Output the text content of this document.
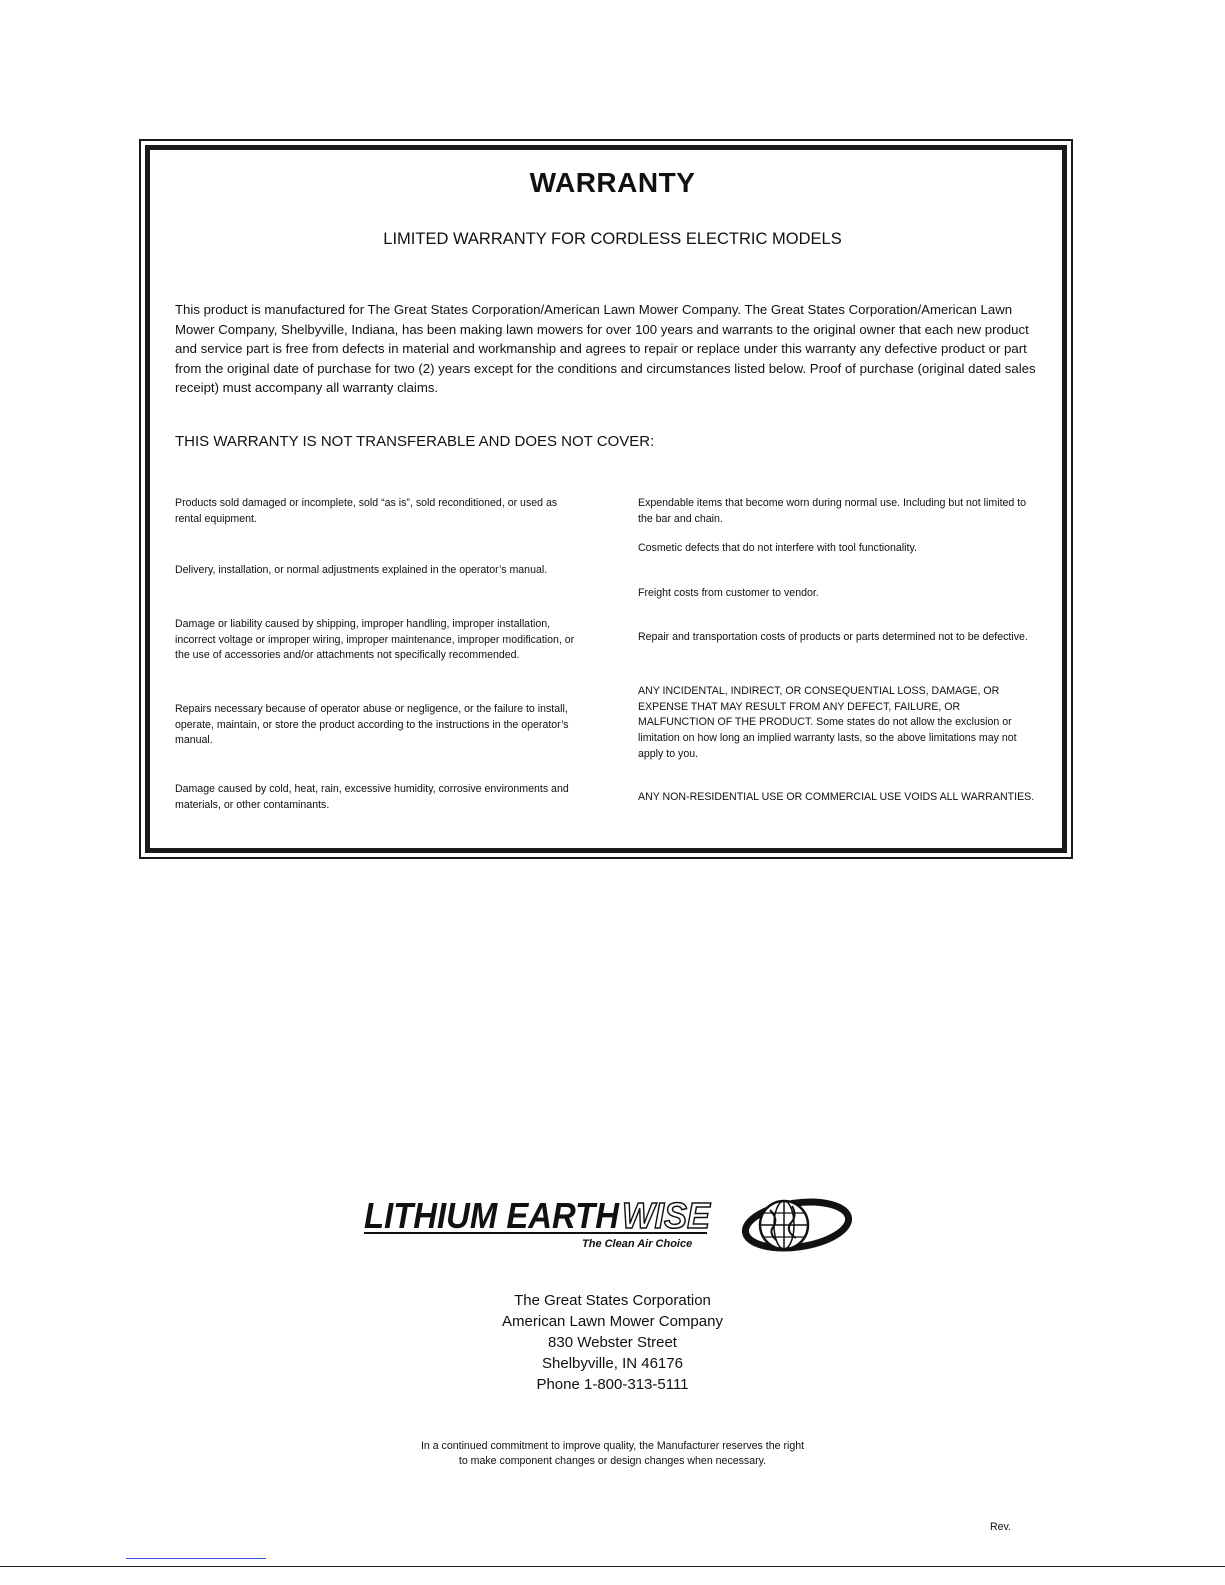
WARRANTY
LIMITED WARRANTY FOR CORDLESS ELECTRIC MODELS

This product is manufactured for The Great States Corporation/American Lawn Mower Company. The Great States Corporation/American Lawn Mower Company, Shelbyville, Indiana, has been making lawn mowers for over 100 years and warrants to the original owner that each new product and service part is free from defects in material and workmanship and agrees to repair or replace under this warranty any defective product or part from the original date of purchase for two (2) years except for the conditions and circumstances listed below. Proof of purchase (original dated sales receipt) must accompany all warranty claims.

THIS WARRANTY IS NOT TRANSFERABLE AND DOES NOT COVER:

Products sold damaged or incomplete, sold “as is”, sold reconditioned, or used as rental equipment.

Delivery, installation, or normal adjustments explained in the operator’s manual.

Damage or liability caused by shipping, improper handling, improper installation, incorrect voltage or improper wiring, improper maintenance, improper modification, or the use of accessories and/or attachments not specifically recommended.

Repairs necessary because of operator abuse or negligence, or the failure to install, operate, maintain, or store the product according to the instructions in the operator’s manual.

Damage caused by cold, heat, rain, excessive humidity, corrosive environments and materials, or other contaminants.

Expendable items that become worn during normal use. Including but not limited to the bar and chain.

Cosmetic defects that do not interfere with tool functionality.

Freight costs from customer to vendor.

Repair and transportation costs of products or parts determined not to be defective.

ANY INCIDENTAL, INDIRECT, OR CONSEQUENTIAL LOSS, DAMAGE, OR EXPENSE THAT MAY RESULT FROM ANY DEFECT, FAILURE, OR MALFUNCTION OF THE PRODUCT. Some states do not allow the exclusion or limitation on how long an implied warranty lasts, so the above limitations may not apply to you.

ANY NON-RESIDENTIAL USE OR COMMERCIAL USE VOIDS ALL WARRANTIES.

LITHIUM EARTH WISE
The Clean Air Choice
The Great States Corporation
American Lawn Mower Company
830 Webster Street
Shelbyville, IN 46176
Phone 1-800-313-5111
In a continued commitment to improve quality, the Manufacturer reserves the right
to make component changes or design changes when necessary.
Rev.
